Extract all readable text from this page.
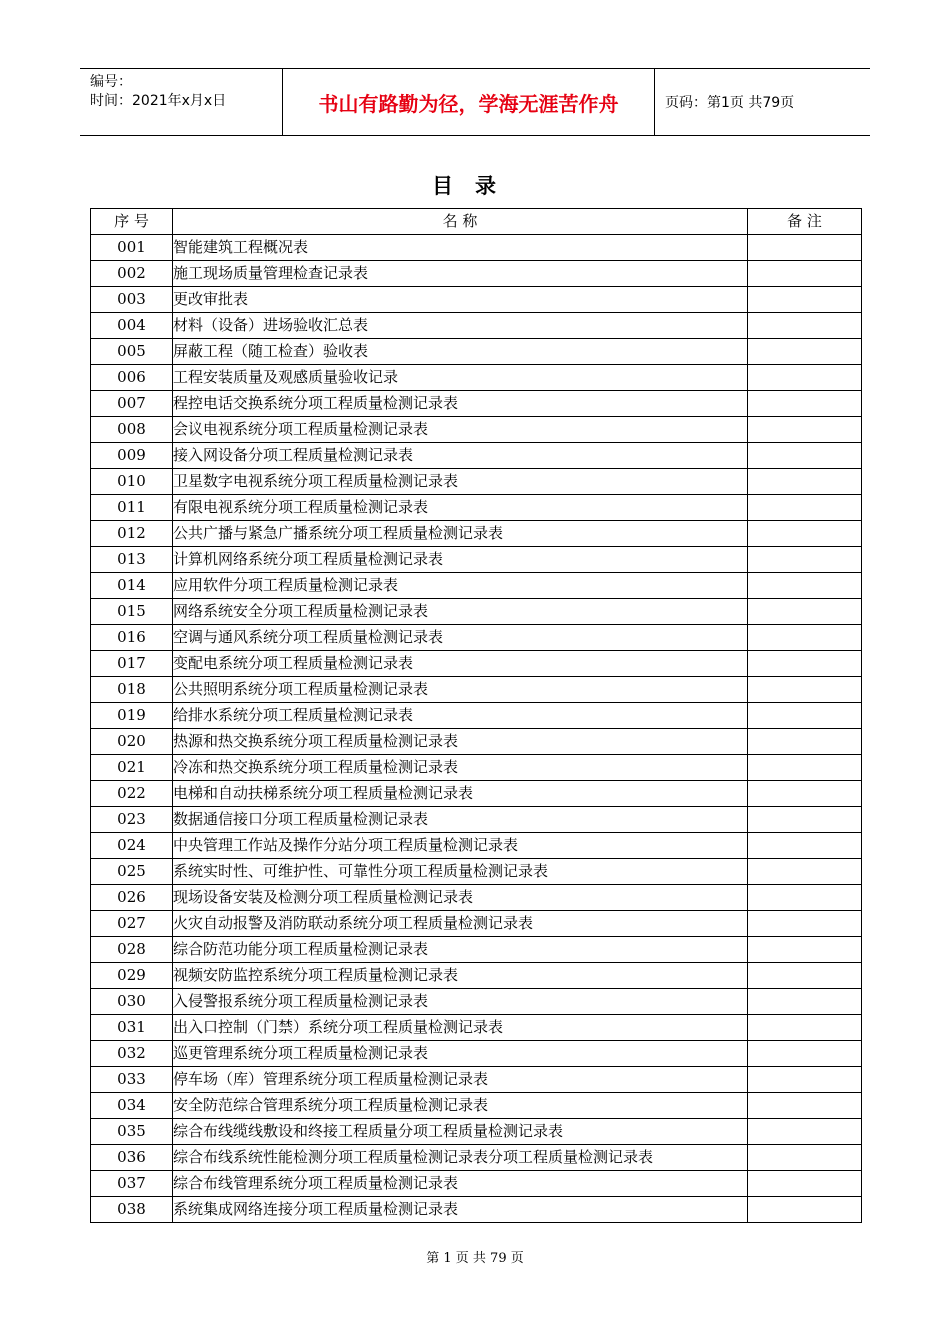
编号：
时间：2021年x月x日	书山有路勤为径，学海无涯苦作舟	页码：第1页 共79页
目录
序 号	名 称	备 注
001	智能建筑工程概况表	
002	施工现场质量管理检查记录表	
003	更改审批表	
004	材料（设备）进场验收汇总表	
005	屏蔽工程（随工检查）验收表	
006	工程安装质量及观感质量验收记录	
007	程控电话交换系统分项工程质量检测记录表	
008	会议电视系统分项工程质量检测记录表	
009	接入网设备分项工程质量检测记录表	
010	卫星数字电视系统分项工程质量检测记录表	
011	有限电视系统分项工程质量检测记录表	
012	公共广播与紧急广播系统分项工程质量检测记录表	
013	计算机网络系统分项工程质量检测记录表	
014	应用软件分项工程质量检测记录表	
015	网络系统安全分项工程质量检测记录表	
016	空调与通风系统分项工程质量检测记录表	
017	变配电系统分项工程质量检测记录表	
018	公共照明系统分项工程质量检测记录表	
019	给排水系统分项工程质量检测记录表	
020	热源和热交换系统分项工程质量检测记录表	
021	冷冻和热交换系统分项工程质量检测记录表	
022	电梯和自动扶梯系统分项工程质量检测记录表	
023	数据通信接口分项工程质量检测记录表	
024	中央管理工作站及操作分站分项工程质量检测记录表	
025	系统实时性、可维护性、可靠性分项工程质量检测记录表	
026	现场设备安装及检测分项工程质量检测记录表	
027	火灾自动报警及消防联动系统分项工程质量检测记录表	
028	综合防范功能分项工程质量检测记录表	
029	视频安防监控系统分项工程质量检测记录表	
030	入侵警报系统分项工程质量检测记录表	
031	出入口控制（门禁）系统分项工程质量检测记录表	
032	巡更管理系统分项工程质量检测记录表	
033	停车场（库）管理系统分项工程质量检测记录表	
034	安全防范综合管理系统分项工程质量检测记录表	
035	综合布线缆线敷设和终接工程质量分项工程质量检测记录表	
036	综合布线系统性能检测分项工程质量检测记录表分项工程质量检测记录表	
037	综合布线管理系统分项工程质量检测记录表	
038	系统集成网络连接分项工程质量检测记录表	
第 1 页 共 79 页
